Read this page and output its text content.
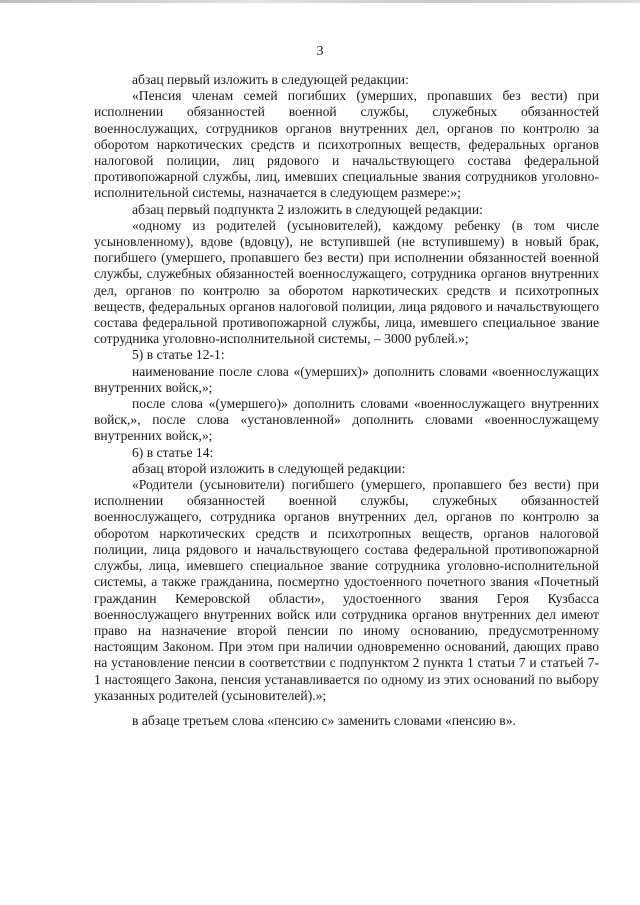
3

абзац первый изложить в следующей редакции:

«Пенсия членам семей погибших (умерших, пропавших без вести) при исполнении обязанностей военной службы, служебных обязанностей военнослужащих, сотрудников органов внутренних дел, органов по контролю за оборотом наркотических средств и психотропных веществ, федеральных органов налоговой полиции, лиц рядового и начальствующего состава федеральной противопожарной службы, лиц, имевших специальные звания сотрудников уголовно-исполнительной системы, назначается в следующем размере:»;

абзац первый подпункта 2 изложить в следующей редакции:

«одному из родителей (усыновителей), каждому ребенку (в том числе усыновленному), вдове (вдовцу), не вступившей (не вступившему) в новый брак, погибшего (умершего, пропавшего без вести) при исполнении обязанностей военной службы, служебных обязанностей военнослужащего, сотрудника органов внутренних дел, органов по контролю за оборотом наркотических средств и психотропных веществ, федеральных органов налоговой полиции, лица рядового и начальствующего состава федеральной противопожарной службы, лица, имевшего специальное звание сотрудника уголовно-исполнительной системы, – 3000 рублей.»;

5) в статье 12-1:

наименование после слова «(умерших)» дополнить словами «военнослужащих внутренних войск,»;

после слова «(умершего)» дополнить словами «военнослужащего внутренних войск,», после слова «установленной» дополнить словами «военнослужащему внутренних войск,»;

6) в статье 14:

абзац второй изложить в следующей редакции:

«Родители (усыновители) погибшего (умершего, пропавшего без вести) при исполнении обязанностей военной службы, служебных обязанностей военнослужащего, сотрудника органов внутренних дел, органов по контролю за оборотом наркотических средств и психотропных веществ, органов налоговой полиции, лица рядового и начальствующего состава федеральной противопожарной службы, лица, имевшего специальное звание сотрудника уголовно-исполнительной системы, а также гражданина, посмертно удостоенного почетного звания «Почетный гражданин Кемеровской области», удостоенного звания Героя Кузбасса военнослужащего внутренних войск или сотрудника органов внутренних дел имеют право на назначение второй пенсии по иному основанию, предусмотренному настоящим Законом. При этом при наличии одновременно оснований, дающих право на установление пенсии в соответствии с подпунктом 2 пункта 1 статьи 7 и статьей 7-1 настоящего Закона, пенсия устанавливается по одному из этих оснований по выбору указанных родителей (усыновителей).»;

в абзаце третьем слова «пенсию с» заменить словами «пенсию в».
